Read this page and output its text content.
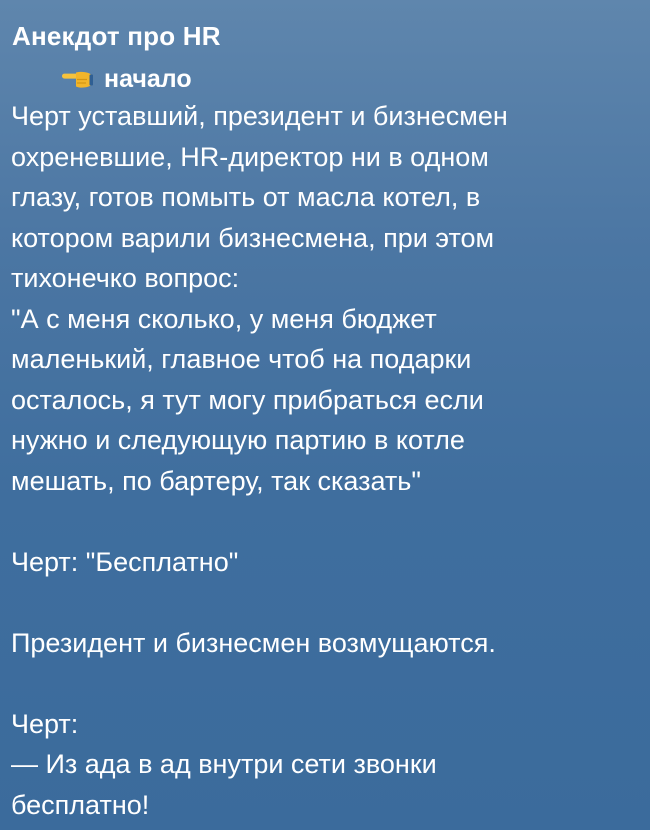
Анекдот про HR
начало
Черт уставший, президент и бизнесмен
охреневшие, HR-директор ни в одном
глазу, готов помыть от масла котел, в
котором варили бизнесмена, при этом
тихонечко вопрос:
"А с меня сколько, у меня бюджет
маленький, главное чтоб на подарки
осталось, я тут могу прибраться если
нужно и следующую партию в котле
мешать, по бартеру, так сказать"
Черт: "Бесплатно"
Президент и бизнесмен возмущаются.
Черт:
— Из ада в ад внутри сети звонки
бесплатно!
